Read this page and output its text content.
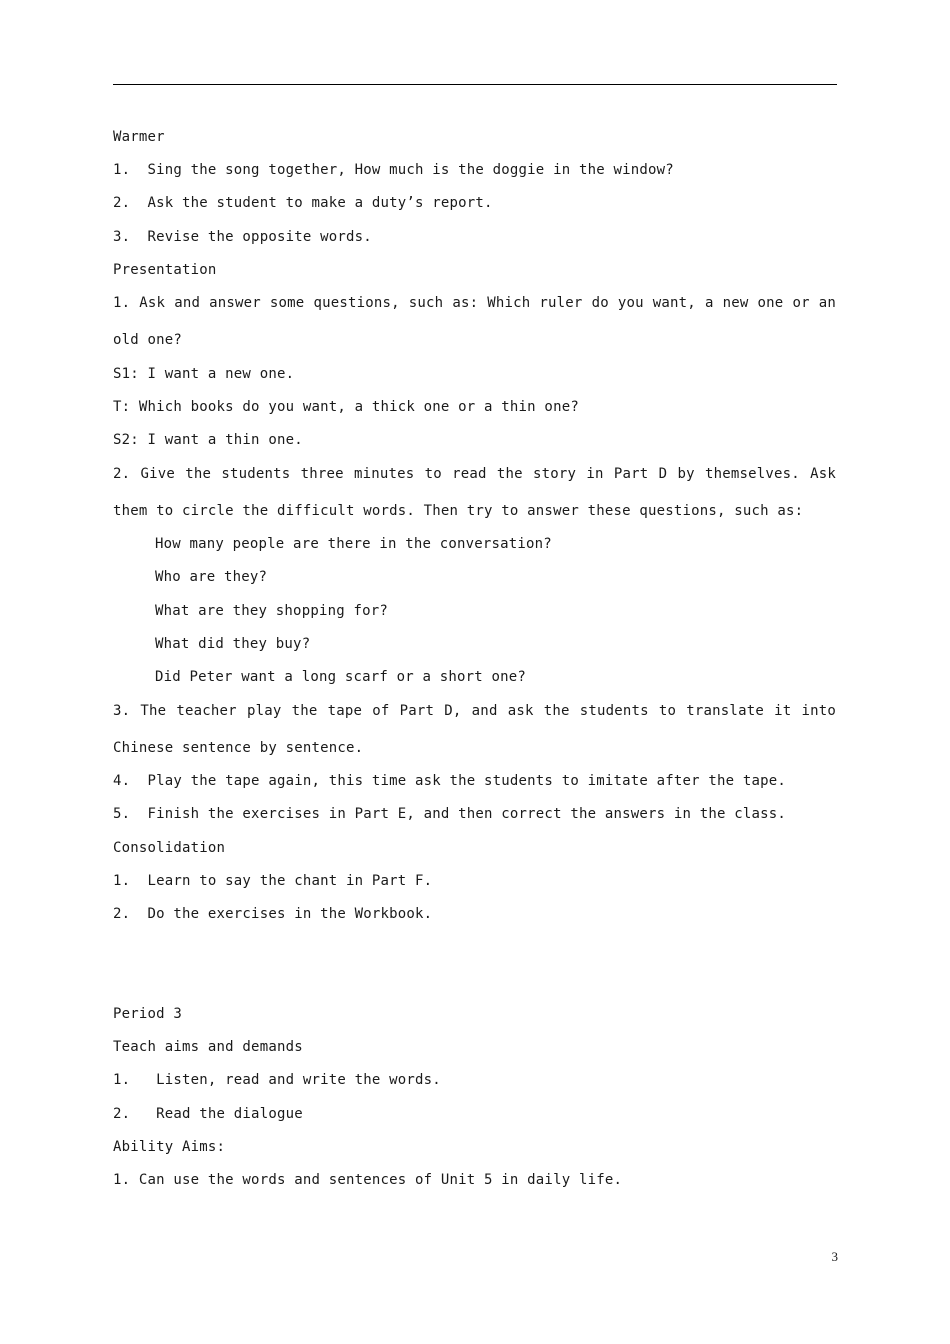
Warmer
1.  Sing the song together, How much is the doggie in the window?
2.  Ask the student to make a duty’s report.
3.  Revise the opposite words.
Presentation
1. Ask and answer some questions, such as: Which ruler do you want, a new one or an
old one?
S1: I want a new one.
T: Which books do you want, a thick one or a thin one?
S2: I want a thin one.
2. Give the students three minutes to read the story in Part D by themselves. Ask
them to circle the difficult words. Then try to answer these questions, such as:
How many people are there in the conversation?
Who are they?
What are they shopping for?
What did they buy?
Did Peter want a long scarf or a short one?
3. The teacher play the tape of Part D, and ask the students to translate it into
Chinese sentence by sentence.
4.  Play the tape again, this time ask the students to imitate after the tape.
5.  Finish the exercises in Part E, and then correct the answers in the class.
Consolidation
1.  Learn to say the chant in Part F.
2.  Do the exercises in the Workbook.
Period 3
Teach aims and demands
1.   Listen, read and write the words.
2.   Read the dialogue
Ability Aims:
1. Can use the words and sentences of Unit 5 in daily life.
3
